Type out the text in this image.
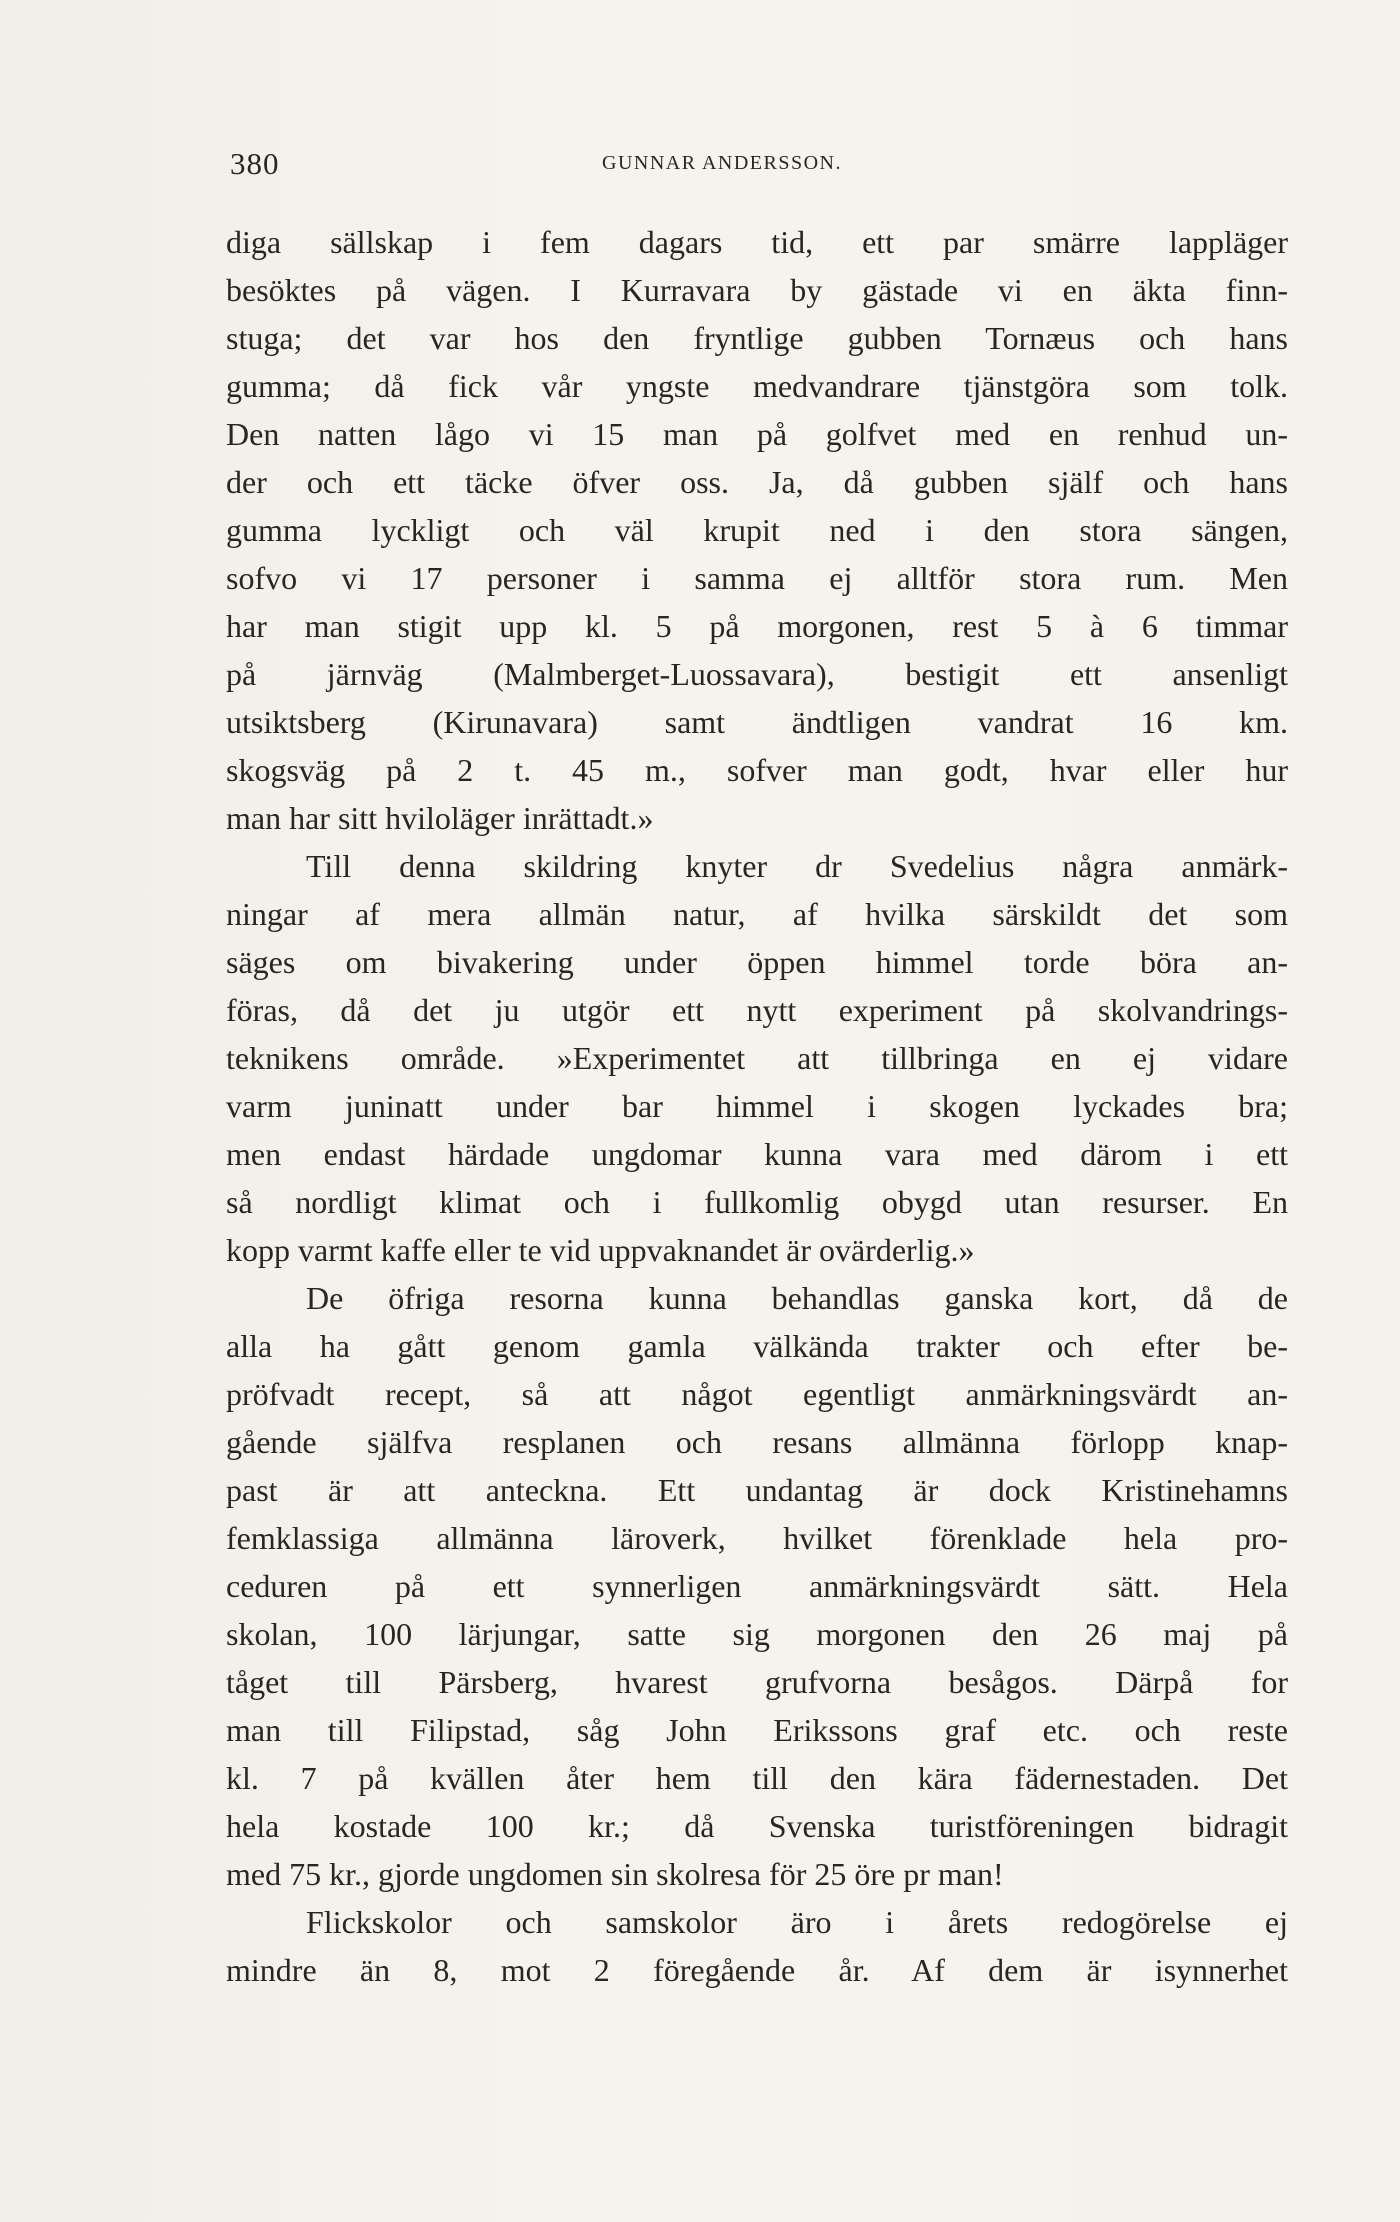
380	GUNNAR ANDERSSON.
diga sällskap i fem dagars tid, ett par smärre lappläger
besöktes på vägen. I Kurravara by gästade vi en äkta finn-
stuga; det var hos den fryntlige gubben Tornæus och hans
gumma; då fick vår yngste medvandrare tjänstgöra som tolk.
Den natten lågo vi 15 man på golfvet med en renhud un-
der och ett täcke öfver oss. Ja, då gubben själf och hans
gumma lyckligt och väl krupit ned i den stora sängen,
sofvo vi 17 personer i samma ej alltför stora rum. Men
har man stigit upp kl. 5 på morgonen, rest 5 à 6 timmar
på järnväg (Malmberget-Luossavara), bestigit ett ansenligt
utsiktsberg (Kirunavara) samt ändtligen vandrat 16 km.
skogsväg på 2 t. 45 m., sofver man godt, hvar eller hur
man har sitt hviloläger inrättadt.»
Till denna skildring knyter dr Svedelius några anmärk-
ningar af mera allmän natur, af hvilka särskildt det som
säges om bivakering under öppen himmel torde böra an-
föras, då det ju utgör ett nytt experiment på skolvandrings-
teknikens område. »Experimentet att tillbringa en ej vidare
varm juninatt under bar himmel i skogen lyckades bra;
men endast härdade ungdomar kunna vara med därom i ett
så nordligt klimat och i fullkomlig obygd utan resurser. En
kopp varmt kaffe eller te vid uppvaknandet är ovärderlig.»
De öfriga resorna kunna behandlas ganska kort, då de
alla ha gått genom gamla välkända trakter och efter be-
pröfvadt recept, så att något egentligt anmärkningsvärdt an-
gående själfva resplanen och resans allmänna förlopp knap-
past är att anteckna. Ett undantag är dock Kristinehamns
femklassiga allmänna läroverk, hvilket förenklade hela pro-
ceduren på ett synnerligen anmärkningsvärdt sätt. Hela
skolan, 100 lärjungar, satte sig morgonen den 26 maj på
tåget till Pärsberg, hvarest grufvorna besågos. Därpå for
man till Filipstad, såg John Erikssons graf etc. och reste
kl. 7 på kvällen åter hem till den kära fädernestaden. Det
hela kostade 100 kr.; då Svenska turistföreningen bidragit
med 75 kr., gjorde ungdomen sin skolresa för 25 öre pr man!
Flickskolor och samskolor äro i årets redogörelse ej
mindre än 8, mot 2 föregående år. Af dem är isynnerhet
